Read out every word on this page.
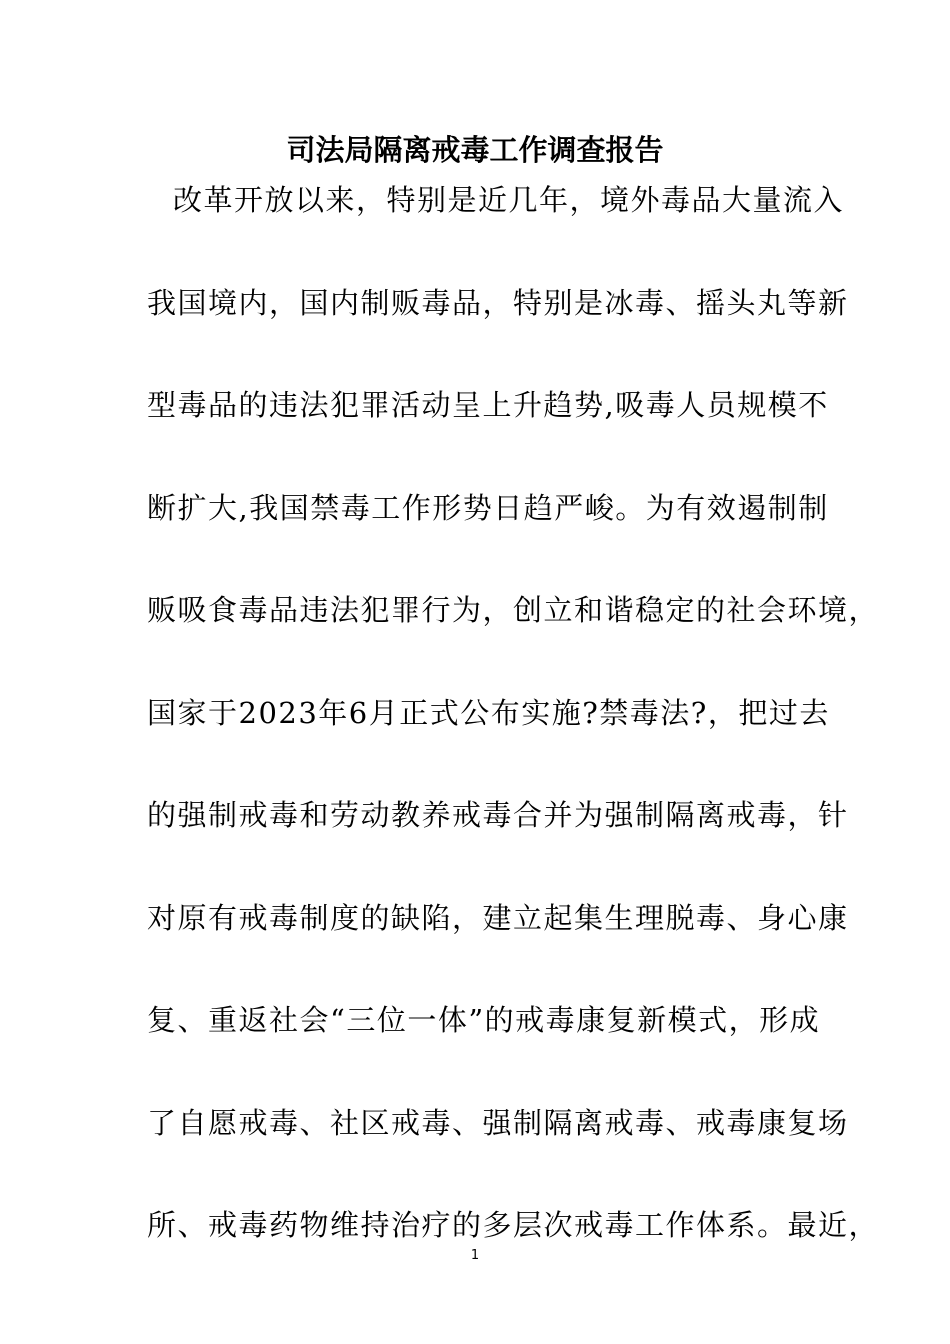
司法局隔离戒毒工作调查报告
改革开放以来，特别是近几年，境外毒品大量流入
我国境内，国内制贩毒品，特别是冰毒、摇头丸等新
型毒品的违法犯罪活动呈上升趋势,吸毒人员规模不
断扩大,我国禁毒工作形势日趋严峻。为有效遏制制
贩吸食毒品违法犯罪行为，创立和谐稳定的社会环境，
国家于2023年6月正式公布实施?禁毒法?，把过去
的强制戒毒和劳动教养戒毒合并为强制隔离戒毒，针
对原有戒毒制度的缺陷，建立起集生理脱毒、身心康
复、重返社会“三位一体”的戒毒康复新模式，形成
了自愿戒毒、社区戒毒、强制隔离戒毒、戒毒康复场
所、戒毒药物维持治疗的多层次戒毒工作体系。最近，
1
